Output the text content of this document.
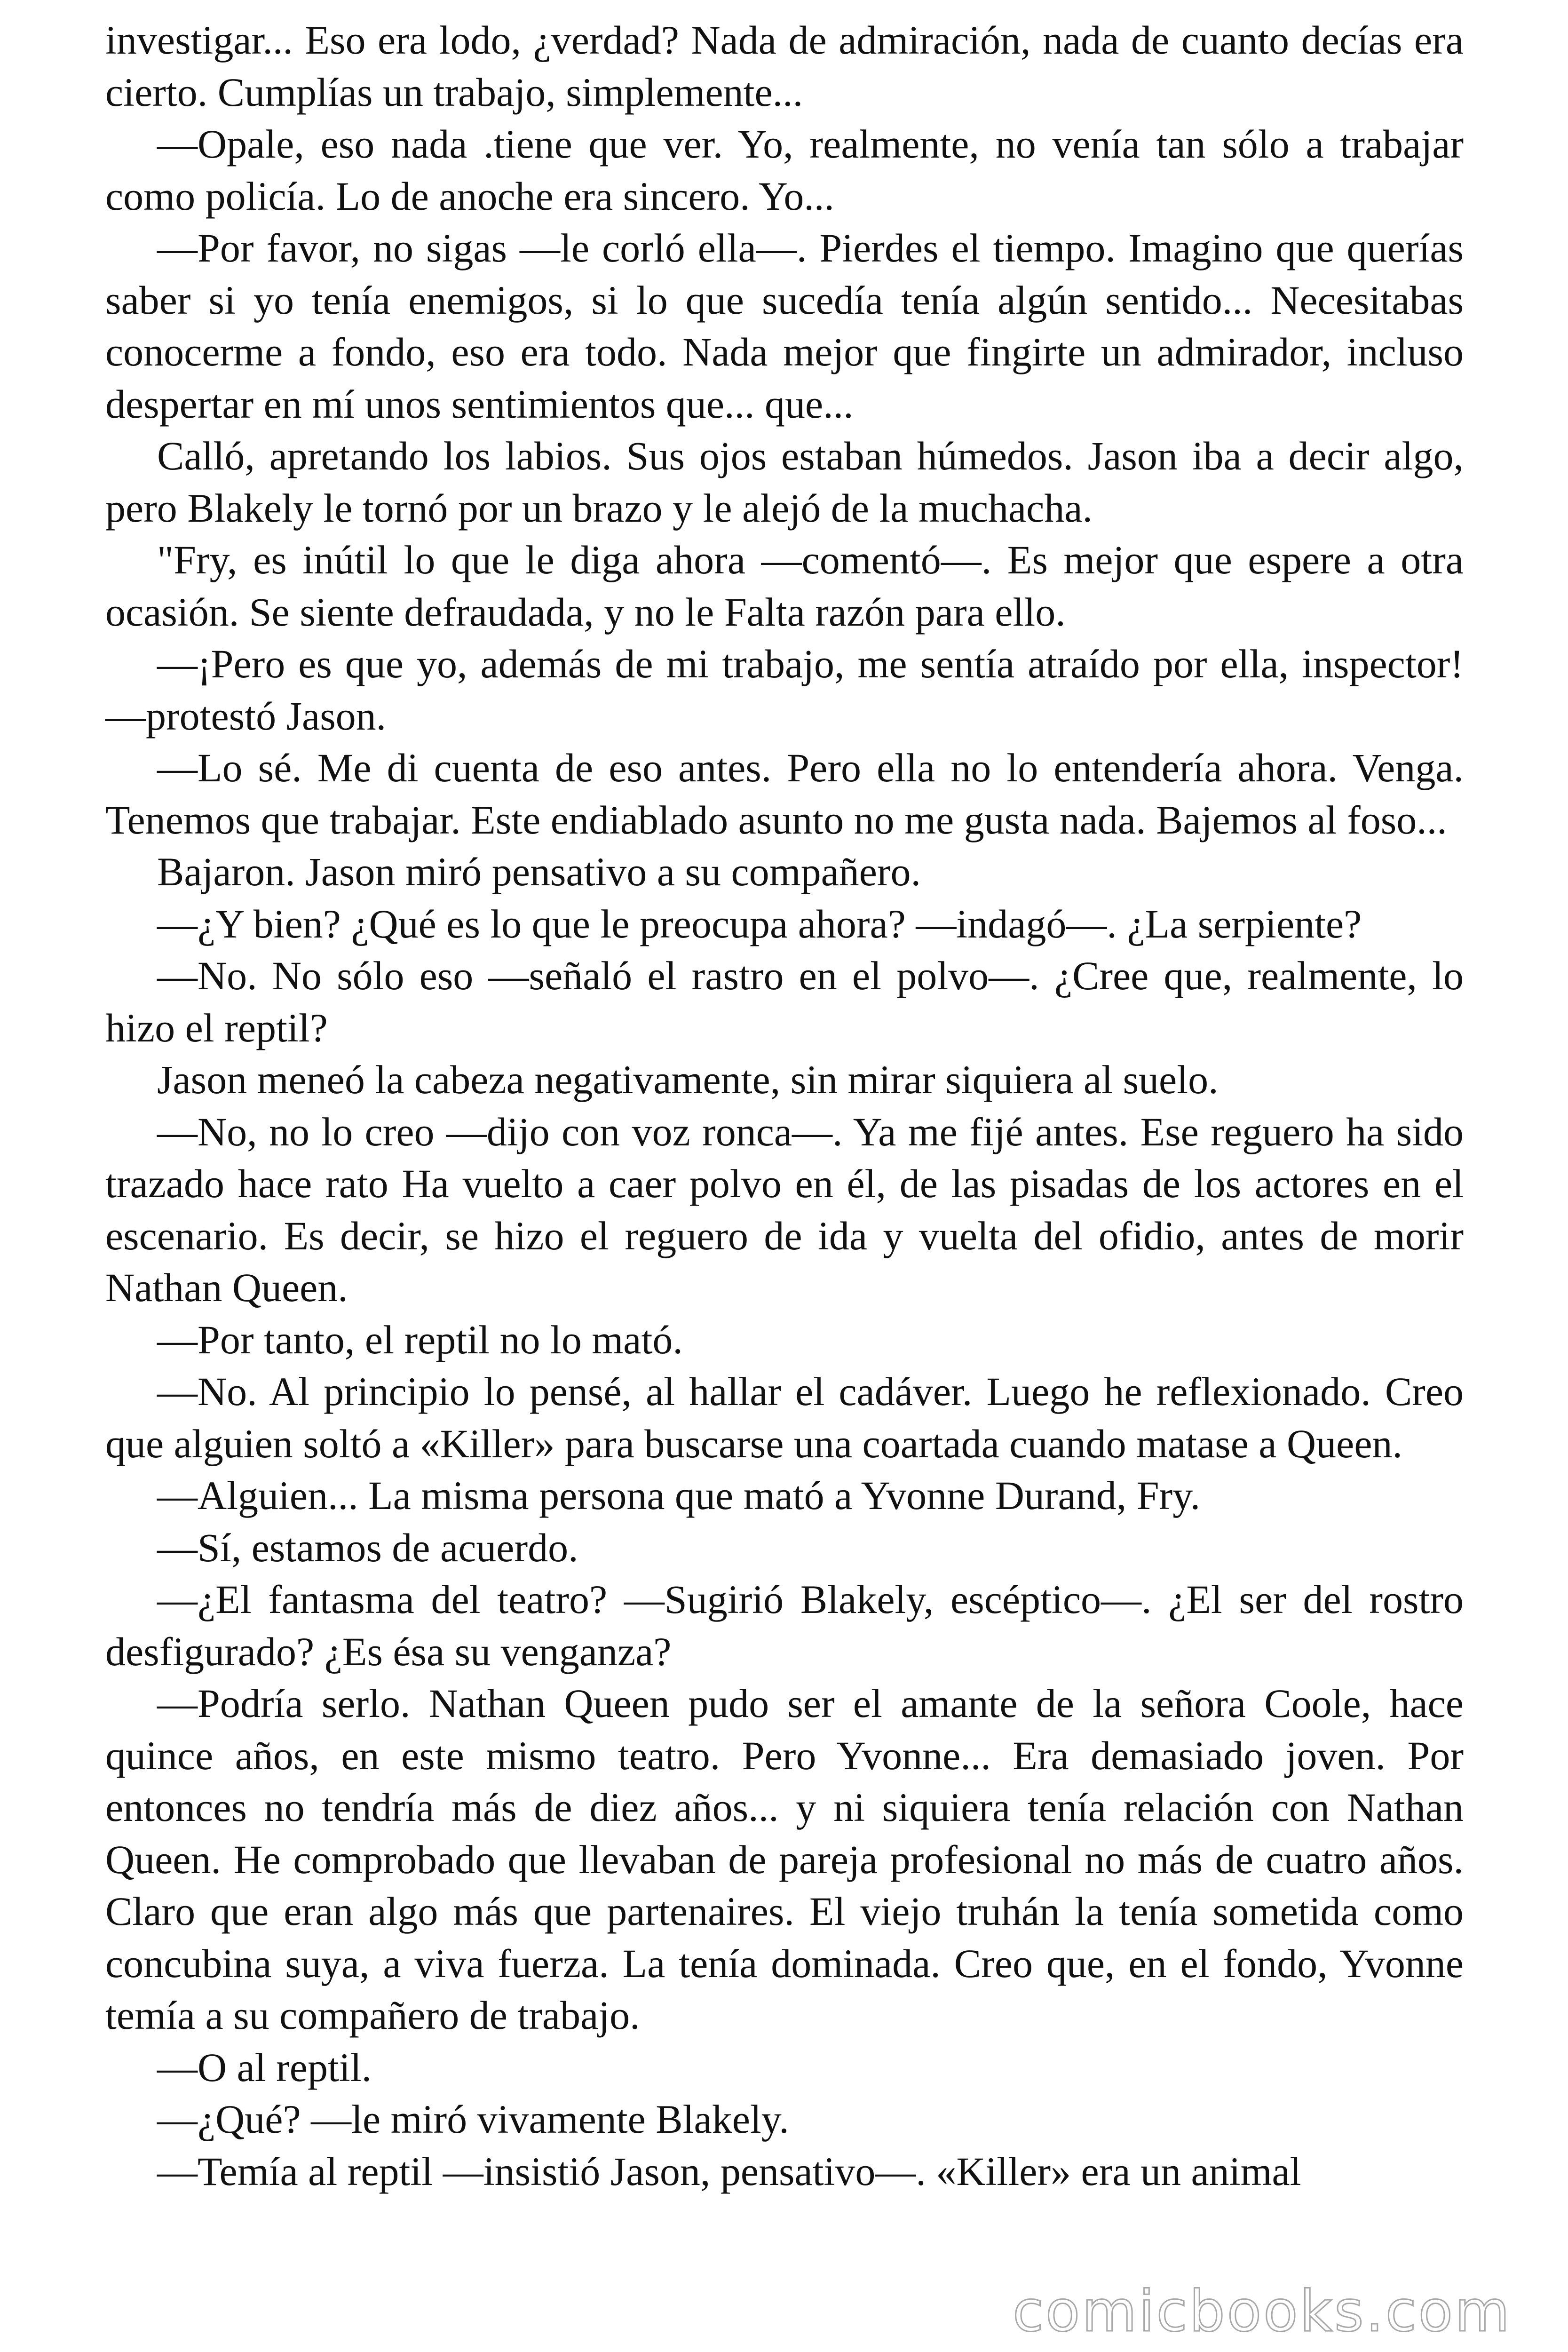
investigar... Eso era lodo, ¿verdad? Nada de admiración, nada de cuanto decías era cierto. Cumplías un trabajo, simplemente...

—Opale, eso nada .tiene que ver. Yo, realmente, no venía tan sólo a trabajar como policía. Lo de anoche era sincero. Yo...

—Por favor, no sigas —le corló ella—. Pierdes el tiempo. Imagino que querías saber si yo tenía enemigos, si lo que sucedía tenía algún sentido... Necesitabas conocerme a fondo, eso era todo. Nada mejor que fingirte un admirador, incluso despertar en mí unos sentimientos que... que...

Calló, apretando los labios. Sus ojos estaban húmedos. Jason iba a decir algo, pero Blakely le tornó por un brazo y le alejó de la muchacha.

"Fry, es inútil lo que le diga ahora —comentó—. Es mejor que espere a otra ocasión. Se siente defraudada, y no le Falta razón para ello.

—¡Pero es que yo, además de mi trabajo, me sentía atraído por ella, inspector! —protestó Jason.

—Lo sé. Me di cuenta de eso antes. Pero ella no lo entendería ahora. Venga. Tenemos que trabajar. Este endiablado asunto no me gusta nada. Bajemos al foso...

Bajaron. Jason miró pensativo a su compañero.

—¿Y bien? ¿Qué es lo que le preocupa ahora? —indagó—. ¿La serpiente?

—No. No sólo eso —señaló el rastro en el polvo—. ¿Cree que, realmente, lo hizo el reptil?

Jason meneó la cabeza negativamente, sin mirar siquiera al suelo.

—No, no lo creo —dijo con voz ronca—. Ya me fijé antes. Ese reguero ha sido trazado hace rato Ha vuelto a caer polvo en él, de las pisadas de los actores en el escenario. Es decir, se hizo el reguero de ida y vuelta del ofidio, antes de morir Nathan Queen.

—Por tanto, el reptil no lo mató.

—No. Al principio lo pensé, al hallar el cadáver. Luego he reflexionado. Creo que alguien soltó a «Killer» para buscarse una coartada cuando matase a Queen.

—Alguien... La misma persona que mató a Yvonne Durand, Fry.

—Sí, estamos de acuerdo.

—¿El fantasma del teatro? —Sugirió Blakely, escéptico—. ¿El ser del rostro desfigurado? ¿Es ésa su venganza?

—Podría serlo. Nathan Queen pudo ser el amante de la señora Coole, hace quince años, en este mismo teatro. Pero Yvonne... Era demasiado joven. Por entonces no tendría más de diez años... y ni siquiera tenía relación con Nathan Queen. He comprobado que llevaban de pareja profesional no más de cuatro años. Claro que eran algo más que partenaires. El viejo truhán la tenía sometida como concubina suya, a viva fuerza. La tenía dominada. Creo que, en el fondo, Yvonne temía a su compañero de trabajo.

—O al reptil.

—¿Qué? —le miró vivamente Blakely.

—Temía al reptil —insistió Jason, pensativo—. «Killer» era un animal

comicbooks.com
